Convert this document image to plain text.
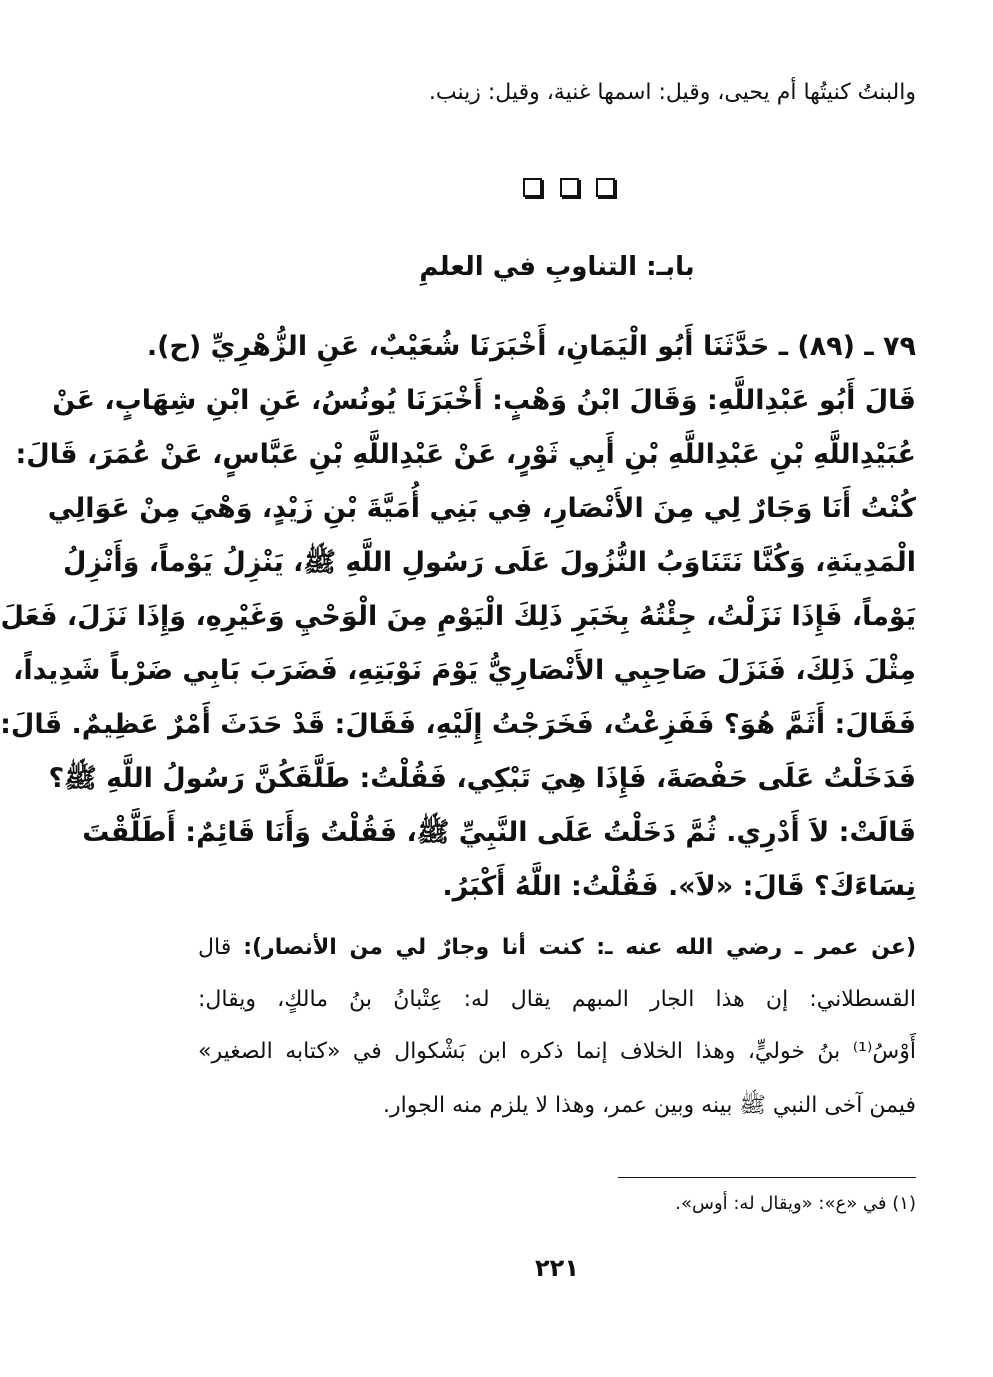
والبنتُ كنيتُها أم يحيى، وقيل: اسمها غنية، وقيل: زينب.
بابـ: التناوبِ في العلمِ
٧٩ ـ (٨٩) ـ حَدَّثَنَا أَبُو الْيَمَانِ، أَخْبَرَنَا شُعَيْبٌ، عَنِ الزُّهْرِيِّ (ح).
قَالَ أَبُو عَبْدِاللَّهِ: وَقَالَ ابْنُ وَهْبٍ: أَخْبَرَنَا يُونُسُ، عَنِ ابْنِ شِهَابٍ، عَنْ
عُبَيْدِاللَّهِ بْنِ عَبْدِاللَّهِ بْنِ أَبِي ثَوْرٍ، عَنْ عَبْدِاللَّهِ بْنِ عَبَّاسٍ، عَنْ عُمَرَ، قَالَ:
كُنْتُ أَنَا وَجَارٌ لِي مِنَ الأَنْصَارِ، فِي بَنِي أُمَيَّةَ بْنِ زَيْدٍ، وَهْيَ مِنْ عَوَالِي
الْمَدِينَةِ، وَكُنَّا نَتَنَاوَبُ النُّزُولَ عَلَى رَسُولِ اللَّهِ ﷺ، يَنْزِلُ يَوْماً، وَأَنْزِلُ
يَوْماً، فَإِذَا نَزَلْتُ، جِئْتُهُ بِخَبَرِ ذَلِكَ الْيَوْمِ مِنَ الْوَحْيِ وَغَيْرِهِ، وَإِذَا نَزَلَ، فَعَلَ
مِثْلَ ذَلِكَ، فَنَزَلَ صَاحِبِي الأَنْصَارِيُّ يَوْمَ نَوْبَتِهِ، فَضَرَبَ بَابِي ضَرْباً شَدِيداً،
فَقَالَ: أَثَمَّ هُوَ؟ فَفَزِعْتُ، فَخَرَجْتُ إِلَيْهِ، فَقَالَ: قَدْ حَدَثَ أَمْرٌ عَظِيمٌ. قَالَ:
فَدَخَلْتُ عَلَى حَفْصَةَ، فَإِذَا هِيَ تَبْكِي، فَقُلْتُ: طَلَّقَكُنَّ رَسُولُ اللَّهِ ﷺ؟
قَالَتْ: لاَ أَدْرِي. ثُمَّ دَخَلْتُ عَلَى النَّبِيِّ ﷺ، فَقُلْتُ وَأَنَا قَائِمٌ: أَطَلَّقْتَ
نِسَاءَكَ؟ قَالَ: «لاَ». فَقُلْتُ: اللَّهُ أَكْبَرُ.
(عن عمر ـ رضي الله عنه ـ: كنت أنا وجارٌ لي من الأنصار): قال
القسطلاني: إن هذا الجار المبهم يقال له: عِتْبانُ بنُ مالكٍ، ويقال:
أَوْسُ⁽¹⁾ بنُ خوليٍّ، وهذا الخلاف إنما ذكره ابن بَشْكوال في «كتابه الصغير»
فيمن آخى النبي ﷺ بينه وبين عمر، وهذا لا يلزم منه الجوار.
(١) في «ع»: «ويقال له: أوس».
٢٢١
